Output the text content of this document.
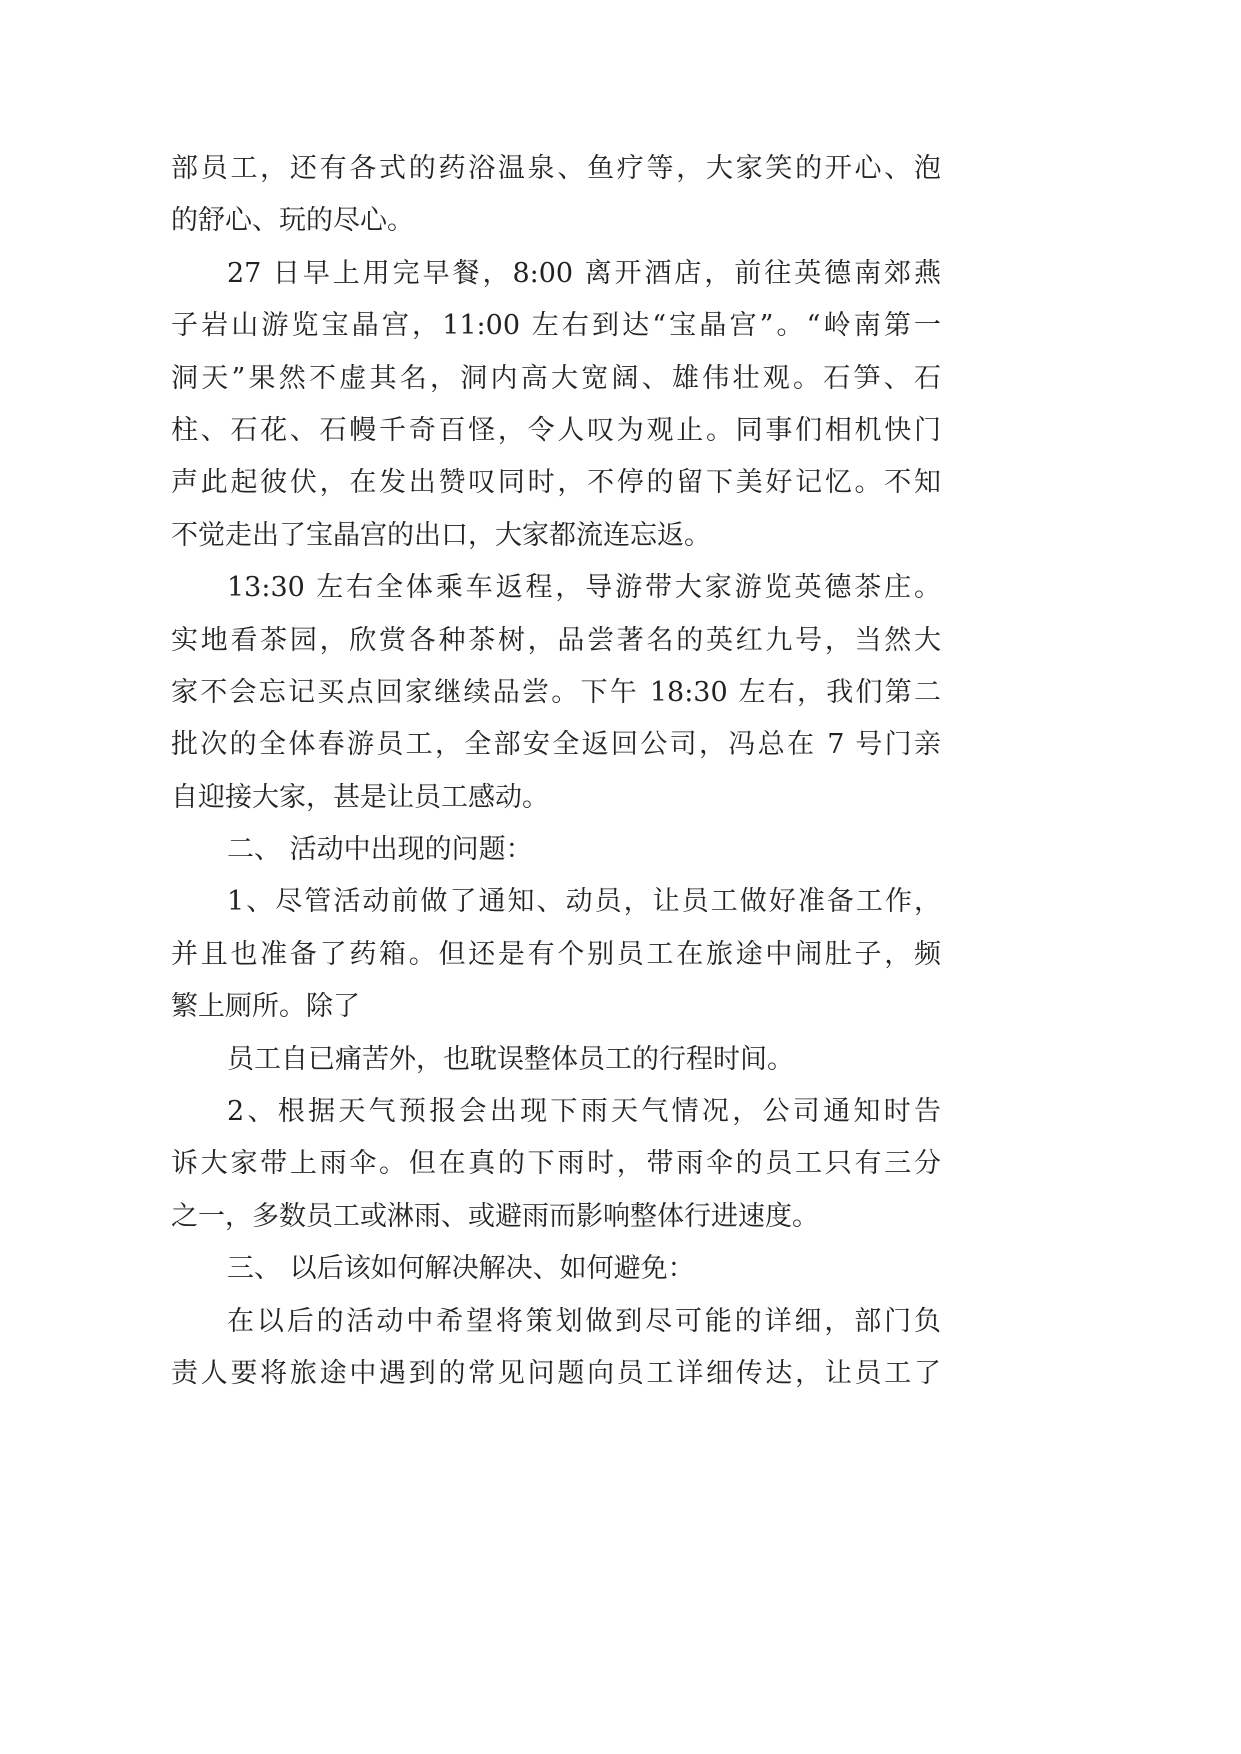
部员工，还有各式的药浴温泉、鱼疗等，大家笑的开心、泡
的舒心、玩的尽心。
27 日早上用完早餐，8:00 离开酒店，前往英德南郊燕
子岩山游览宝晶宫，11:00 左右到达“宝晶宫”。“岭南第一
洞天”果然不虚其名，洞内高大宽阔、雄伟壮观。石笋、石
柱、石花、石幔千奇百怪，令人叹为观止。同事们相机快门
声此起彼伏，在发出赞叹同时，不停的留下美好记忆。不知
不觉走出了宝晶宫的出口，大家都流连忘返。
13:30 左右全体乘车返程，导游带大家游览英德茶庄。
实地看茶园，欣赏各种茶树，品尝著名的英红九号，当然大
家不会忘记买点回家继续品尝。下午 18:30 左右，我们第二
批次的全体春游员工，全部安全返回公司，冯总在 7 号门亲
自迎接大家，甚是让员工感动。
二、 活动中出现的问题：
1、尽管活动前做了通知、动员，让员工做好准备工作，
并且也准备了药箱。但还是有个别员工在旅途中闹肚子，频
繁上厕所。除了
员工自已痛苦外，也耽误整体员工的行程时间。
2、根据天气预报会出现下雨天气情况，公司通知时告
诉大家带上雨伞。但在真的下雨时，带雨伞的员工只有三分
之一，多数员工或淋雨、或避雨而影响整体行进速度。
三、 以后该如何解决解决、如何避免：
在以后的活动中希望将策划做到尽可能的详细，部门负
责人要将旅途中遇到的常见问题向员工详细传达，让员工了
